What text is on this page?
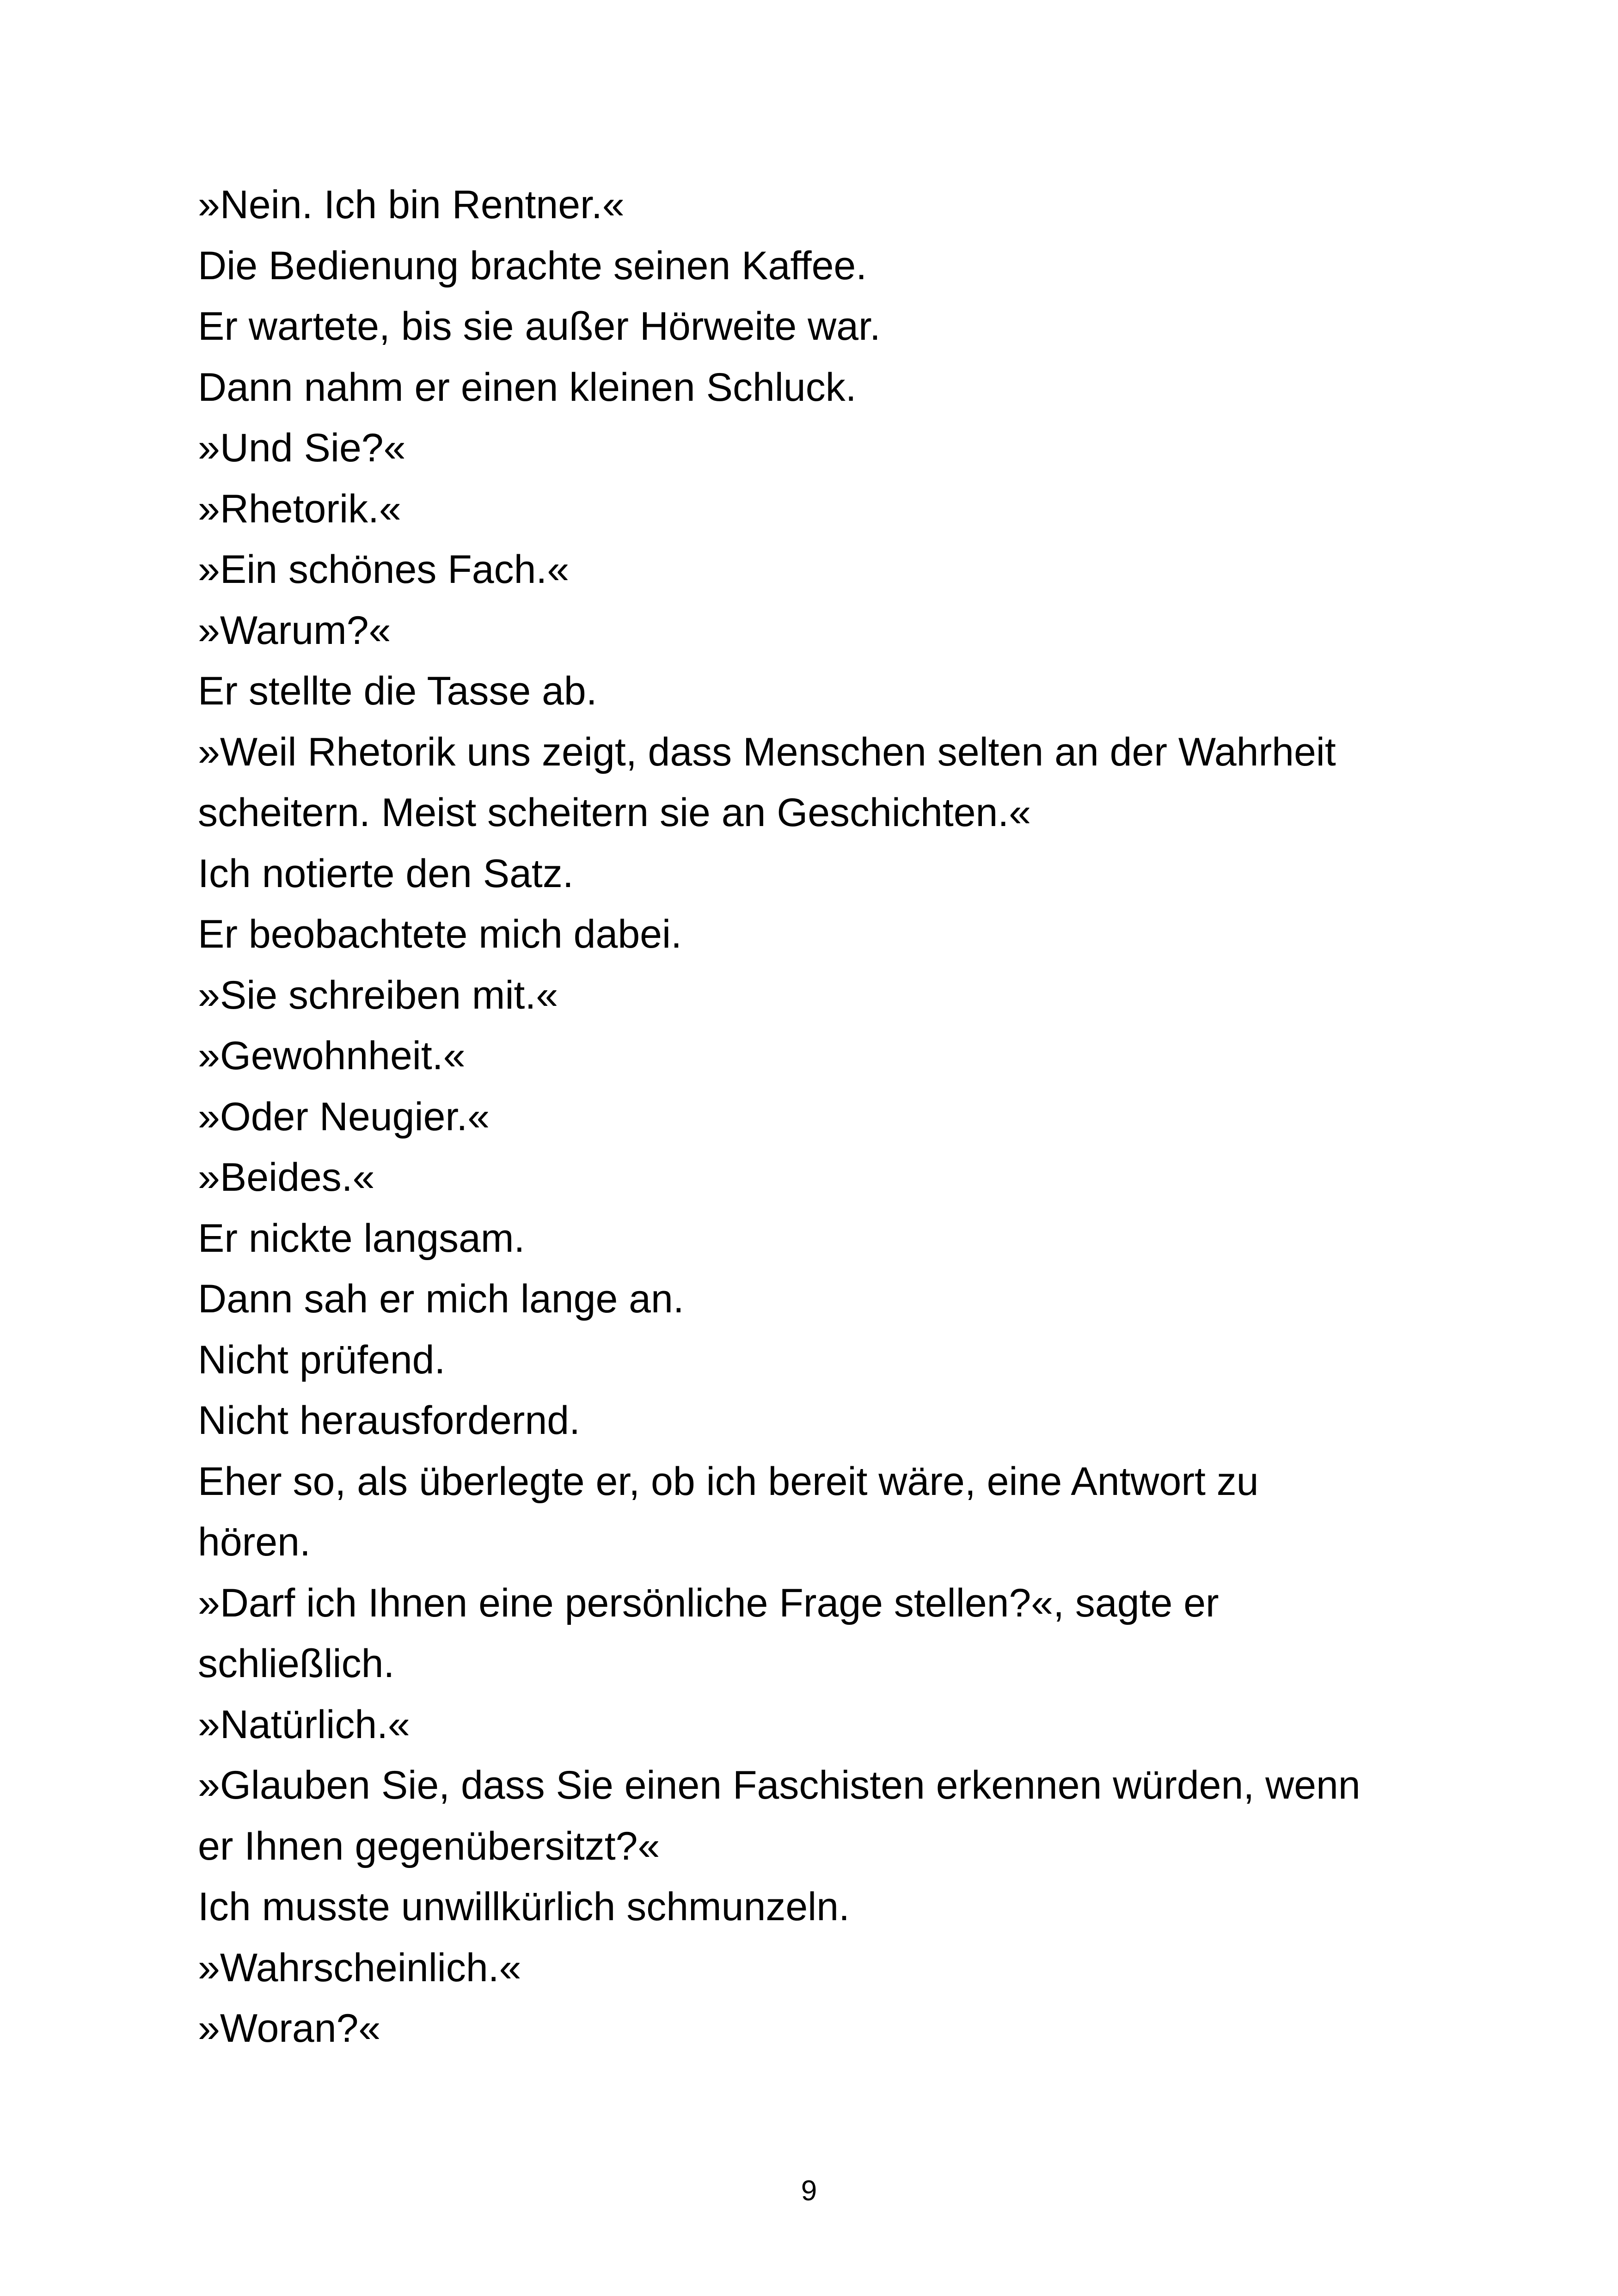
»Nein. Ich bin Rentner.«
Die Bedienung brachte seinen Kaffee.
Er wartete, bis sie außer Hörweite war.
Dann nahm er einen kleinen Schluck.
»Und Sie?«
»Rhetorik.«
»Ein schönes Fach.«
»Warum?«
Er stellte die Tasse ab.
»Weil Rhetorik uns zeigt, dass Menschen selten an der Wahrheit
scheitern. Meist scheitern sie an Geschichten.«
Ich notierte den Satz.
Er beobachtete mich dabei.
»Sie schreiben mit.«
»Gewohnheit.«
»Oder Neugier.«
»Beides.«
Er nickte langsam.
Dann sah er mich lange an.
Nicht prüfend.
Nicht herausfordernd.
Eher so, als überlegte er, ob ich bereit wäre, eine Antwort zu
hören.
»Darf ich Ihnen eine persönliche Frage stellen?«, sagte er
schließlich.
»Natürlich.«
»Glauben Sie, dass Sie einen Faschisten erkennen würden, wenn
er Ihnen gegenübersitzt?«
Ich musste unwillkürlich schmunzeln.
»Wahrscheinlich.«
»Woran?«
9
